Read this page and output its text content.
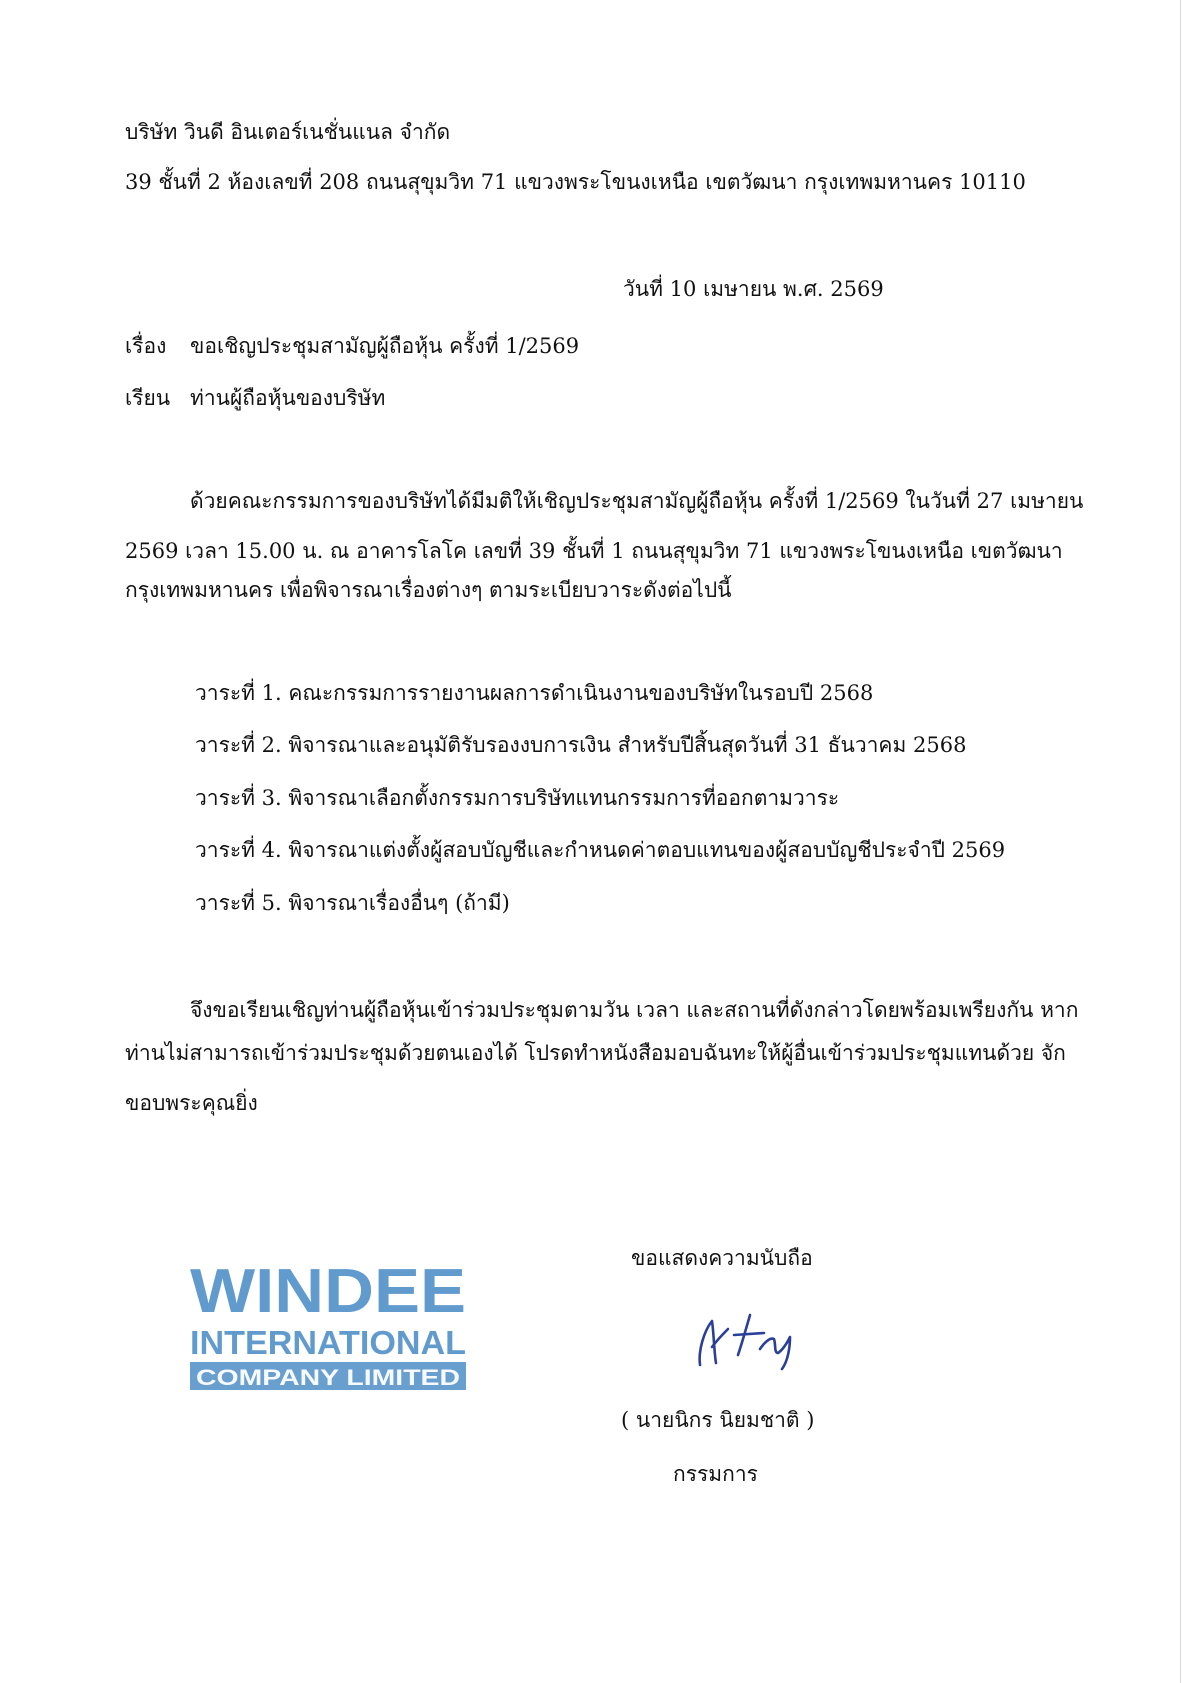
บริษัท วินดี อินเตอร์เนชั่นแนล จำกัด
39 ชั้นที่ 2 ห้องเลขที่ 208 ถนนสุขุมวิท 71 แขวงพระโขนงเหนือ เขตวัฒนา กรุงเทพมหานคร 10110
วันที่ 10 เมษายน พ.ศ. 2569
เรื่อง ขอเชิญประชุมสามัญผู้ถือหุ้น ครั้งที่ 1/2569
เรียน ท่านผู้ถือหุ้นของบริษัท
ด้วยคณะกรรมการของบริษัทได้มีมติให้เชิญประชุมสามัญผู้ถือหุ้น ครั้งที่ 1/2569 ในวันที่ 27 เมษายน
2569 เวลา 15.00 น. ณ อาคารโลโค เลขที่ 39 ชั้นที่ 1 ถนนสุขุมวิท 71 แขวงพระโขนงเหนือ เขตวัฒนา
กรุงเทพมหานคร เพื่อพิจารณาเรื่องต่างๆ ตามระเบียบวาระดังต่อไปนี้
วาระที่ 1. คณะกรรมการรายงานผลการดำเนินงานของบริษัทในรอบปี 2568
วาระที่ 2. พิจารณาและอนุมัติรับรองงบการเงิน สำหรับปีสิ้นสุดวันที่ 31 ธันวาคม 2568
วาระที่ 3. พิจารณาเลือกตั้งกรรมการบริษัทแทนกรรมการที่ออกตามวาระ
วาระที่ 4. พิจารณาแต่งตั้งผู้สอบบัญชีและกำหนดค่าตอบแทนของผู้สอบบัญชีประจำปี 2569
วาระที่ 5. พิจารณาเรื่องอื่นๆ (ถ้ามี)
จึงขอเรียนเชิญท่านผู้ถือหุ้นเข้าร่วมประชุมตามวัน เวลา และสถานที่ดังกล่าวโดยพร้อมเพรียงกัน หาก
ท่านไม่สามารถเข้าร่วมประชุมด้วยตนเองได้ โปรดทำหนังสือมอบฉันทะให้ผู้อื่นเข้าร่วมประชุมแทนด้วย จัก
ขอบพระคุณยิ่ง
WINDEE
INTERNATIONAL
COMPANY LIMITED
ขอแสดงความนับถือ
( นายนิกร นิยมชาติ )
กรรมการ
